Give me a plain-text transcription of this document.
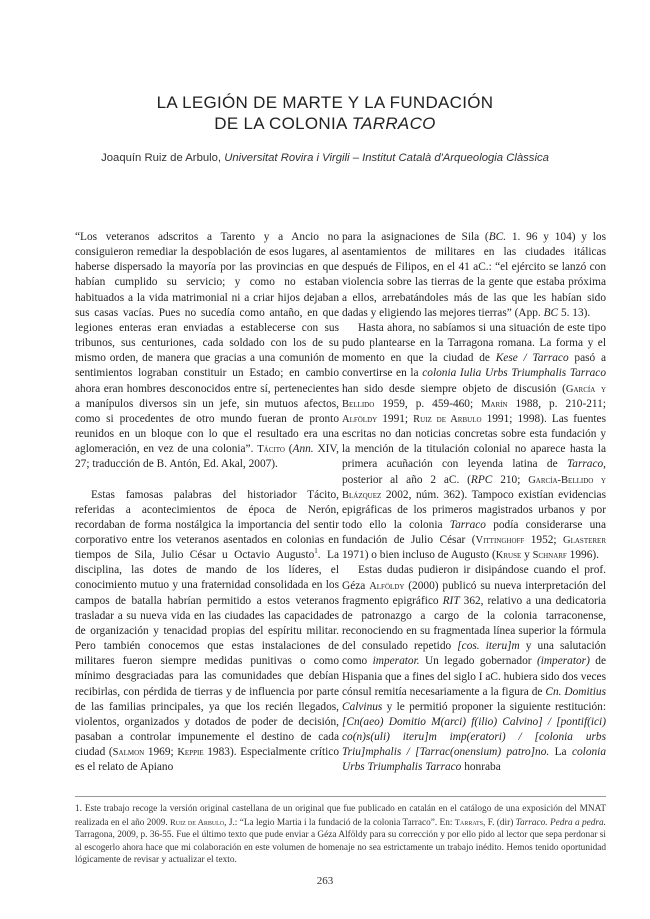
LA LEGIÓN DE MARTE Y LA FUNDACIÓN
DE LA COLONIA TARRACO
Joaquín Ruiz de Arbulo, Universitat Rovira i Virgili – Institut Català d'Arqueologia Clàssica

“Los veteranos adscritos a Tarento y a Ancio no consiguieron remediar la despoblación de esos lugares, al haberse dispersado la mayoría por las provincias en que habían cumplido su servicio; y como no estaban habituados a la vida matrimonial ni a criar hijos dejaban sus casas vacías. Pues no sucedía como antaño, en que legiones enteras eran enviadas a establecerse con sus tribunos, sus centuriones, cada soldado con los de su mismo orden, de manera que gracias a una comunión de sentimientos lograban constituir un Estado; en cambio ahora eran hombres desconocidos entre sí, pertenecientes a manípulos diversos sin un jefe, sin mutuos afectos, como si procedentes de otro mundo fueran de pronto reunidos en un bloque con lo que el resultado era una aglomeración, en vez de una colonia”. Tácito (Ann. XIV, 27; traducción de B. Antón, Ed. Akal, 2007).

Estas famosas palabras del historiador Tácito, referidas a acontecimientos de época de Nerón, recordaban de forma nostálgica la importancia del sentir corporativo entre los veteranos asentados en colonias en tiempos de Sila, Julio César u Octavio Augusto$^1$. La disciplina, las dotes de mando de los líderes, el conocimiento mutuo y una fraternidad consolidada en los campos de batalla habrían permitido a estos veteranos trasladar a su nueva vida en las ciudades las capacidades de organización y tenacidad propias del espíritu militar. Pero también conocemos que estas instalaciones de militares fueron siempre medidas punitivas o como mínimo desgraciadas para las comunidades que debían recibirlas, con pérdida de tierras y de influencia por parte de las familias principales, ya que los recién llegados, violentos, organizados y dotados de poder de decisión, pasaban a controlar impunemente el destino de cada ciudad (Salmon 1969; Keppie 1983). Especialmente crítico es el relato de Apiano

para la asignaciones de Sila (BC. 1. 96 y 104) y los asentamientos de militares en las ciudades itálicas después de Filipos, en el 41 aC.: “el ejército se lanzó con violencia sobre las tierras de la gente que estaba próxima a ellos, arrebatándoles más de las que les habían sido dadas y eligiendo las mejores tierras” (App. BC 5. 13).

Hasta ahora, no sabíamos si una situación de este tipo pudo plantearse en la Tarragona romana. La forma y el momento en que la ciudad de Kese / Tarraco pasó a convertirse en la colonia Iulia Urbs Triumphalis Tarraco han sido desde siempre objeto de discusión (García y Bellido 1959, p. 459-460; Marín 1988, p. 210-211; Alföldy 1991; Ruiz de Arbulo 1991; 1998). Las fuentes escritas no dan noticias concretas sobre esta fundación y la mención de la titulación colonial no aparece hasta la primera acuñación con leyenda latina de Tarraco, posterior al año 2 aC. (RPC 210; García-Bellido y Blázquez 2002, núm. 362). Tampoco existían evidencias epigráficas de los primeros magistrados urbanos y por todo ello la colonia Tarraco podía considerarse una fundación de Julio César (Vittinghoff 1952; Glasterer 1971) o bien incluso de Augusto (Kruse y Schnarf 1996).

Estas dudas pudieron ir disipándose cuando el prof. Géza Alföldy (2000) publicó su nueva interpretación del fragmento epigráfico RIT 362, relativo a una dedicatoria de patronazgo a cargo de la colonia tarraconense, reconociendo en su fragmentada línea superior la fórmula del consulado repetido [cos. iteru]m y una salutación como imperator. Un legado gobernador (imperator) de Hispania que a fines del siglo I aC. hubiera sido dos veces cónsul remitía necesariamente a la figura de Cn. Domitius Calvinus y le permitió proponer la siguiente restitución: [Cn(aeo) Domitio M(arci) f(ilio) Calvino] / [pontif(ici) co(n)s(uli) iteru]m imp(eratori) / [colonia urbs Triu]mphalis / [Tarrac(onensium) patro]no. La colonia Urbs Triumphalis Tarraco honraba

1. Este trabajo recoge la versión original castellana de un original que fue publicado en catalán en el catálogo de una exposición del MNAT realizada en el año 2009. Ruiz de Arbulo, J.: “La legio Martia i la fundació de la colonia Tarraco”. En: Tarrats, F. (dir) Tarraco. Pedra a pedra. Tarragona, 2009, p. 36-55. Fue el último texto que pude enviar a Géza Alföldy para su corrección y por ello pido al lector que sepa perdonar si al escogerlo ahora hace que mi colaboración en este volumen de homenaje no sea estrictamente un trabajo inédito. Hemos tenido oportunidad lógicamente de revisar y actualizar el texto.
263
